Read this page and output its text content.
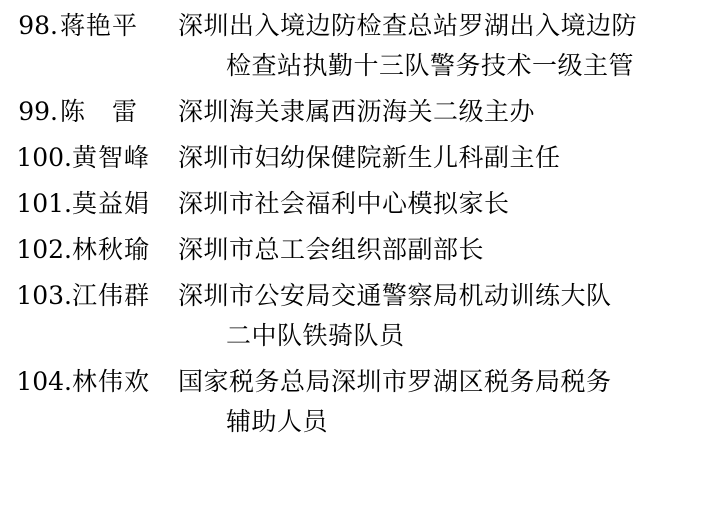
98. 蒋艳平 深圳出入境边防检查总站罗湖出入境边防
检查站执勤十三队警务技术一级主管
99. 陈　雷 深圳海关隶属西沥海关二级主办
100. 黄智峰 深圳市妇幼保健院新生儿科副主任
101. 莫益娟 深圳市社会福利中心模拟家长
102. 林秋瑜 深圳市总工会组织部副部长
103. 江伟群 深圳市公安局交通警察局机动训练大队
二中队铁骑队员
104. 林伟欢 国家税务总局深圳市罗湖区税务局税务
辅助人员
